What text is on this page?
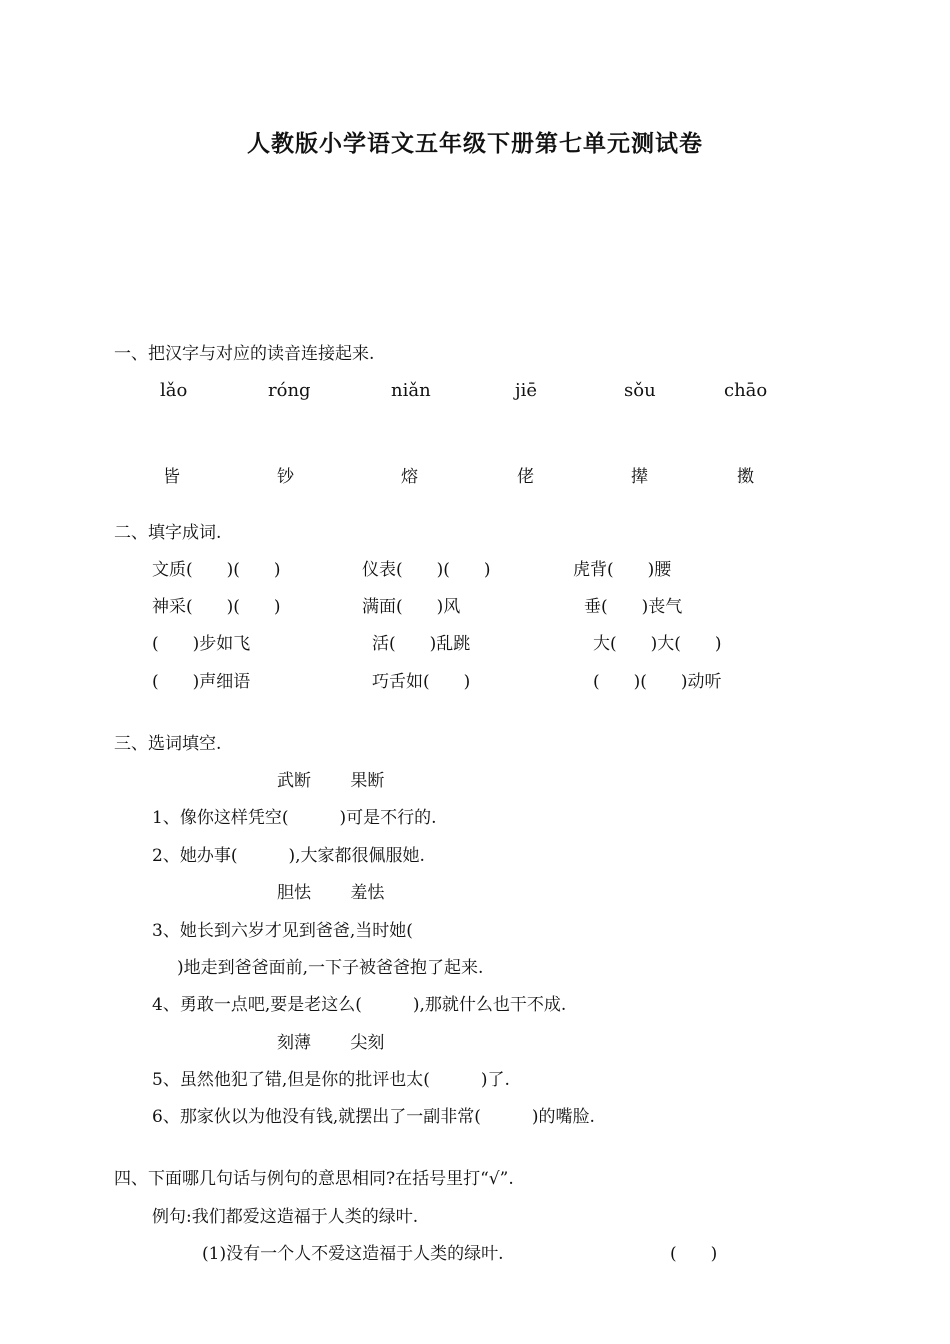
人教版小学语文五年级下册第七单元测试卷
一、把汉字与对应的读音连接起来.
lǎo	róng	niǎn	jiē	sǒu	chāo
皆	钞	熔	佬	撵	擞
二、填字成词.
文质(　　)(　　)	仪表(　　)(　　)	虎背(　　)腰
神采(　　)(　　)	满面(　　)风	垂(　　)丧气
(　　)步如飞	活(　　)乱跳	大(　　)大(　　)
(　　)声细语	巧舌如(　　)	(　　)(　　)动听
三、选词填空.
武断　　 果断
1、像你这样凭空(　　　)可是不行的.
2、她办事(　　　),大家都很佩服她.
胆怯　　 羞怯
3、她长到六岁才见到爸爸,当时她(
)地走到爸爸面前,一下子被爸爸抱了起来.
4、勇敢一点吧,要是老这么(　　　),那就什么也干不成.
刻薄　　 尖刻
5、虽然他犯了错,但是你的批评也太(　　　)了.
6、那家伙以为他没有钱,就摆出了一副非常(　　　)的嘴脸.
四、下面哪几句话与例句的意思相同?在括号里打“√”.
例句:我们都爱这造福于人类的绿叶.
(1)没有一个人不爱这造福于人类的绿叶.	(　　)
